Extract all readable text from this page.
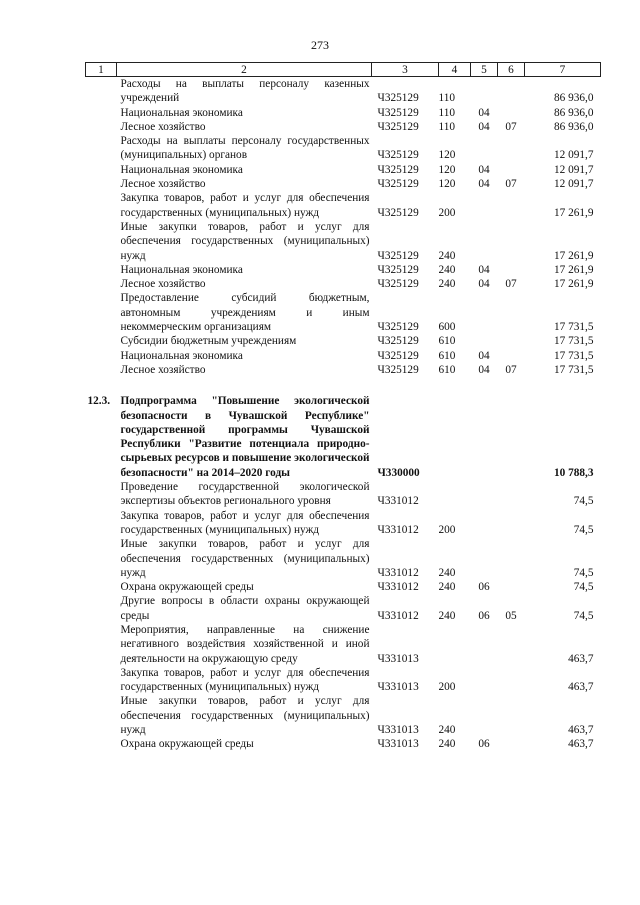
273
1	2	3	4	5	6	7
	Расходы на выплаты персоналу казенных учреждений	Ч325129	110			86 936,0
	Национальная экономика	Ч325129	110	04		86 936,0
	Лесное хозяйство	Ч325129	110	04	07	86 936,0
	Расходы на выплаты персоналу государственных (муниципальных) органов	Ч325129	120			12 091,7
	Национальная экономика	Ч325129	120	04		12 091,7
	Лесное хозяйство	Ч325129	120	04	07	12 091,7
	Закупка товаров, работ и услуг для обеспечения государственных (муниципальных) нужд	Ч325129	200			17 261,9
	Иные закупки товаров, работ и услуг для обеспечения государственных (муниципальных) нужд	Ч325129	240			17 261,9
	Национальная экономика	Ч325129	240	04		17 261,9
	Лесное хозяйство	Ч325129	240	04	07	17 261,9
	Предоставление субсидий бюджетным, автономным учреждениям и иным некоммерческим организациям	Ч325129	600			17 731,5
	Субсидии бюджетным учреждениям	Ч325129	610			17 731,5
	Национальная экономика	Ч325129	610	04		17 731,5
	Лесное хозяйство	Ч325129	610	04	07	17 731,5

12.3.	Подпрограмма "Повышение экологической безопасности в Чувашской Республике" государственной программы Чувашской Республики "Развитие потенциала природно-сырьевых ресурсов и повышение экологической безопасности" на 2014–2020 годы	Ч330000				10 788,3
	Проведение государственной экологической экспертизы объектов регионального уровня	Ч331012				74,5
	Закупка товаров, работ и услуг для обеспечения государственных (муниципальных) нужд	Ч331012	200			74,5
	Иные закупки товаров, работ и услуг для обеспечения государственных (муниципальных) нужд	Ч331012	240			74,5
	Охрана окружающей среды	Ч331012	240	06		74,5
	Другие вопросы в области охраны окружающей среды	Ч331012	240	06	05	74,5
	Мероприятия, направленные на снижение негативного воздействия хозяйственной и иной деятельности на окружающую среду	Ч331013				463,7
	Закупка товаров, работ и услуг для обеспечения государственных (муниципальных) нужд	Ч331013	200			463,7
	Иные закупки товаров, работ и услуг для обеспечения государственных (муниципальных) нужд	Ч331013	240			463,7
	Охрана окружающей среды	Ч331013	240	06		463,7
